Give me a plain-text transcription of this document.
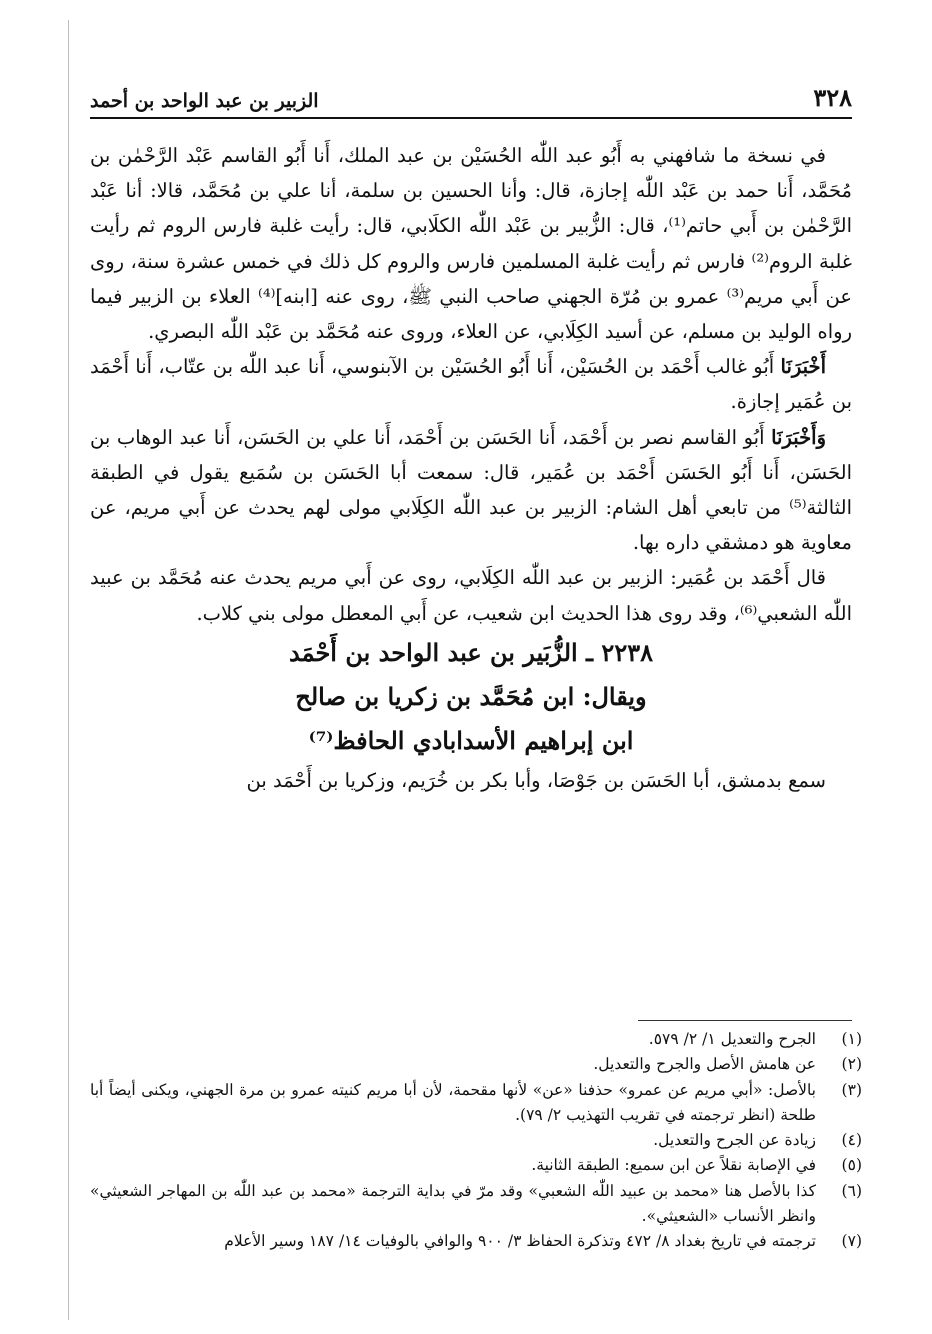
٣٢٨
الزبير بن عبد الواحد بن أحمد

في نسخة ما شافهني به أَبُو عبد اللّٰه الحُسَيْن بن عبد الملك، أَنا أَبُو القاسم عَبْد الرَّحْمٰن بن مُحَمَّد، أَنا حمد بن عَبْد اللّٰه إجازة، قال: وأنا الحسين بن سلمة، أنا علي بن مُحَمَّد، قالا: أنا عَبْد الرَّحْمٰن بن أَبي حاتم⁽¹⁾، قال: الزُّبير بن عَبْد اللّٰه الكلَابي، قال: رأيت غلبة فارس الروم ثم رأيت غلبة الروم⁽²⁾ فارس ثم رأيت غلبة المسلمين فارس والروم كل ذلك في خمس عشرة سنة، روى عن أَبي مريم⁽³⁾ عمرو بن مُرّة الجهني صاحب النبي ﷺ، روى عنه [ابنه]⁽⁴⁾ العلاء بن الزبير فيما رواه الوليد بن مسلم، عن أسيد الكِلَابي، عن العلاء، وروى عنه مُحَمَّد بن عَبْد اللّٰه البصري.

أَخْبَرَنَا أَبُو غالب أَحْمَد بن الحُسَيْن، أَنا أَبُو الحُسَيْن بن الآبنوسي، أَنا عبد اللّٰه بن عتّاب، أَنا أَحْمَد بن عُمَير إجازة.

وَأَخْبَرَنَا أَبُو القاسم نصر بن أَحْمَد، أَنا الحَسَن بن أَحْمَد، أَنا علي بن الحَسَن، أَنا عبد الوهاب بن الحَسَن، أَنا أَبُو الحَسَن أَحْمَد بن عُمَير، قال: سمعت أبا الحَسَن بن سُمَيع يقول في الطبقة الثالثة⁽⁵⁾ من تابعي أهل الشام: الزبير بن عبد اللّٰه الكِلَابي مولى لهم يحدث عن أَبي مريم، عن معاوية هو دمشقي داره بها.

قال أَحْمَد بن عُمَير: الزبير بن عبد اللّٰه الكِلَابي، روى عن أَبي مريم يحدث عنه مُحَمَّد بن عبيد اللّٰه الشعبي⁽⁶⁾، وقد روى هذا الحديث ابن شعيب، عن أَبي المعطل مولى بني كلاب.

٢٢٣٨ ـ الزُّبَير بن عبد الواحد بن أَحْمَد

ويقال: ابن مُحَمَّد بن زكريا بن صالح

ابن إبراهيم الأسدابادي الحافظ⁽⁷⁾

سمع بدمشق، أبا الحَسَن بن جَوْصَا، وأبا بكر بن خُرَيم، وزكريا بن أَحْمَد بن

(١)
الجرح والتعديل ١/ ٢/ ٥٧٩.
(٢)
عن هامش الأصل والجرح والتعديل.
(٣)
بالأصل: «أبي مريم عن عمرو» حذفنا «عن» لأنها مقحمة، لأن أبا مريم كنيته عمرو بن مرة الجهني، ويكنى أيضاً أبا طلحة (انظر ترجمته في تقريب التهذيب ٢/ ٧٩).
(٤)
زيادة عن الجرح والتعديل.
(٥)
في الإصابة نقلاً عن ابن سميع: الطبقة الثانية.
(٦)
كذا بالأصل هنا «محمد بن عبيد اللّٰه الشعبي» وقد مرّ في بداية الترجمة «محمد بن عبد اللّٰه بن المهاجر الشعيثي» وانظر الأنساب «الشعيثي».
(٧)
ترجمته في تاريخ بغداد ٨/ ٤٧٢ وتذكرة الحفاظ ٣/ ٩٠٠ والوافي بالوفيات ١٤/ ١٨٧ وسير الأعلام
